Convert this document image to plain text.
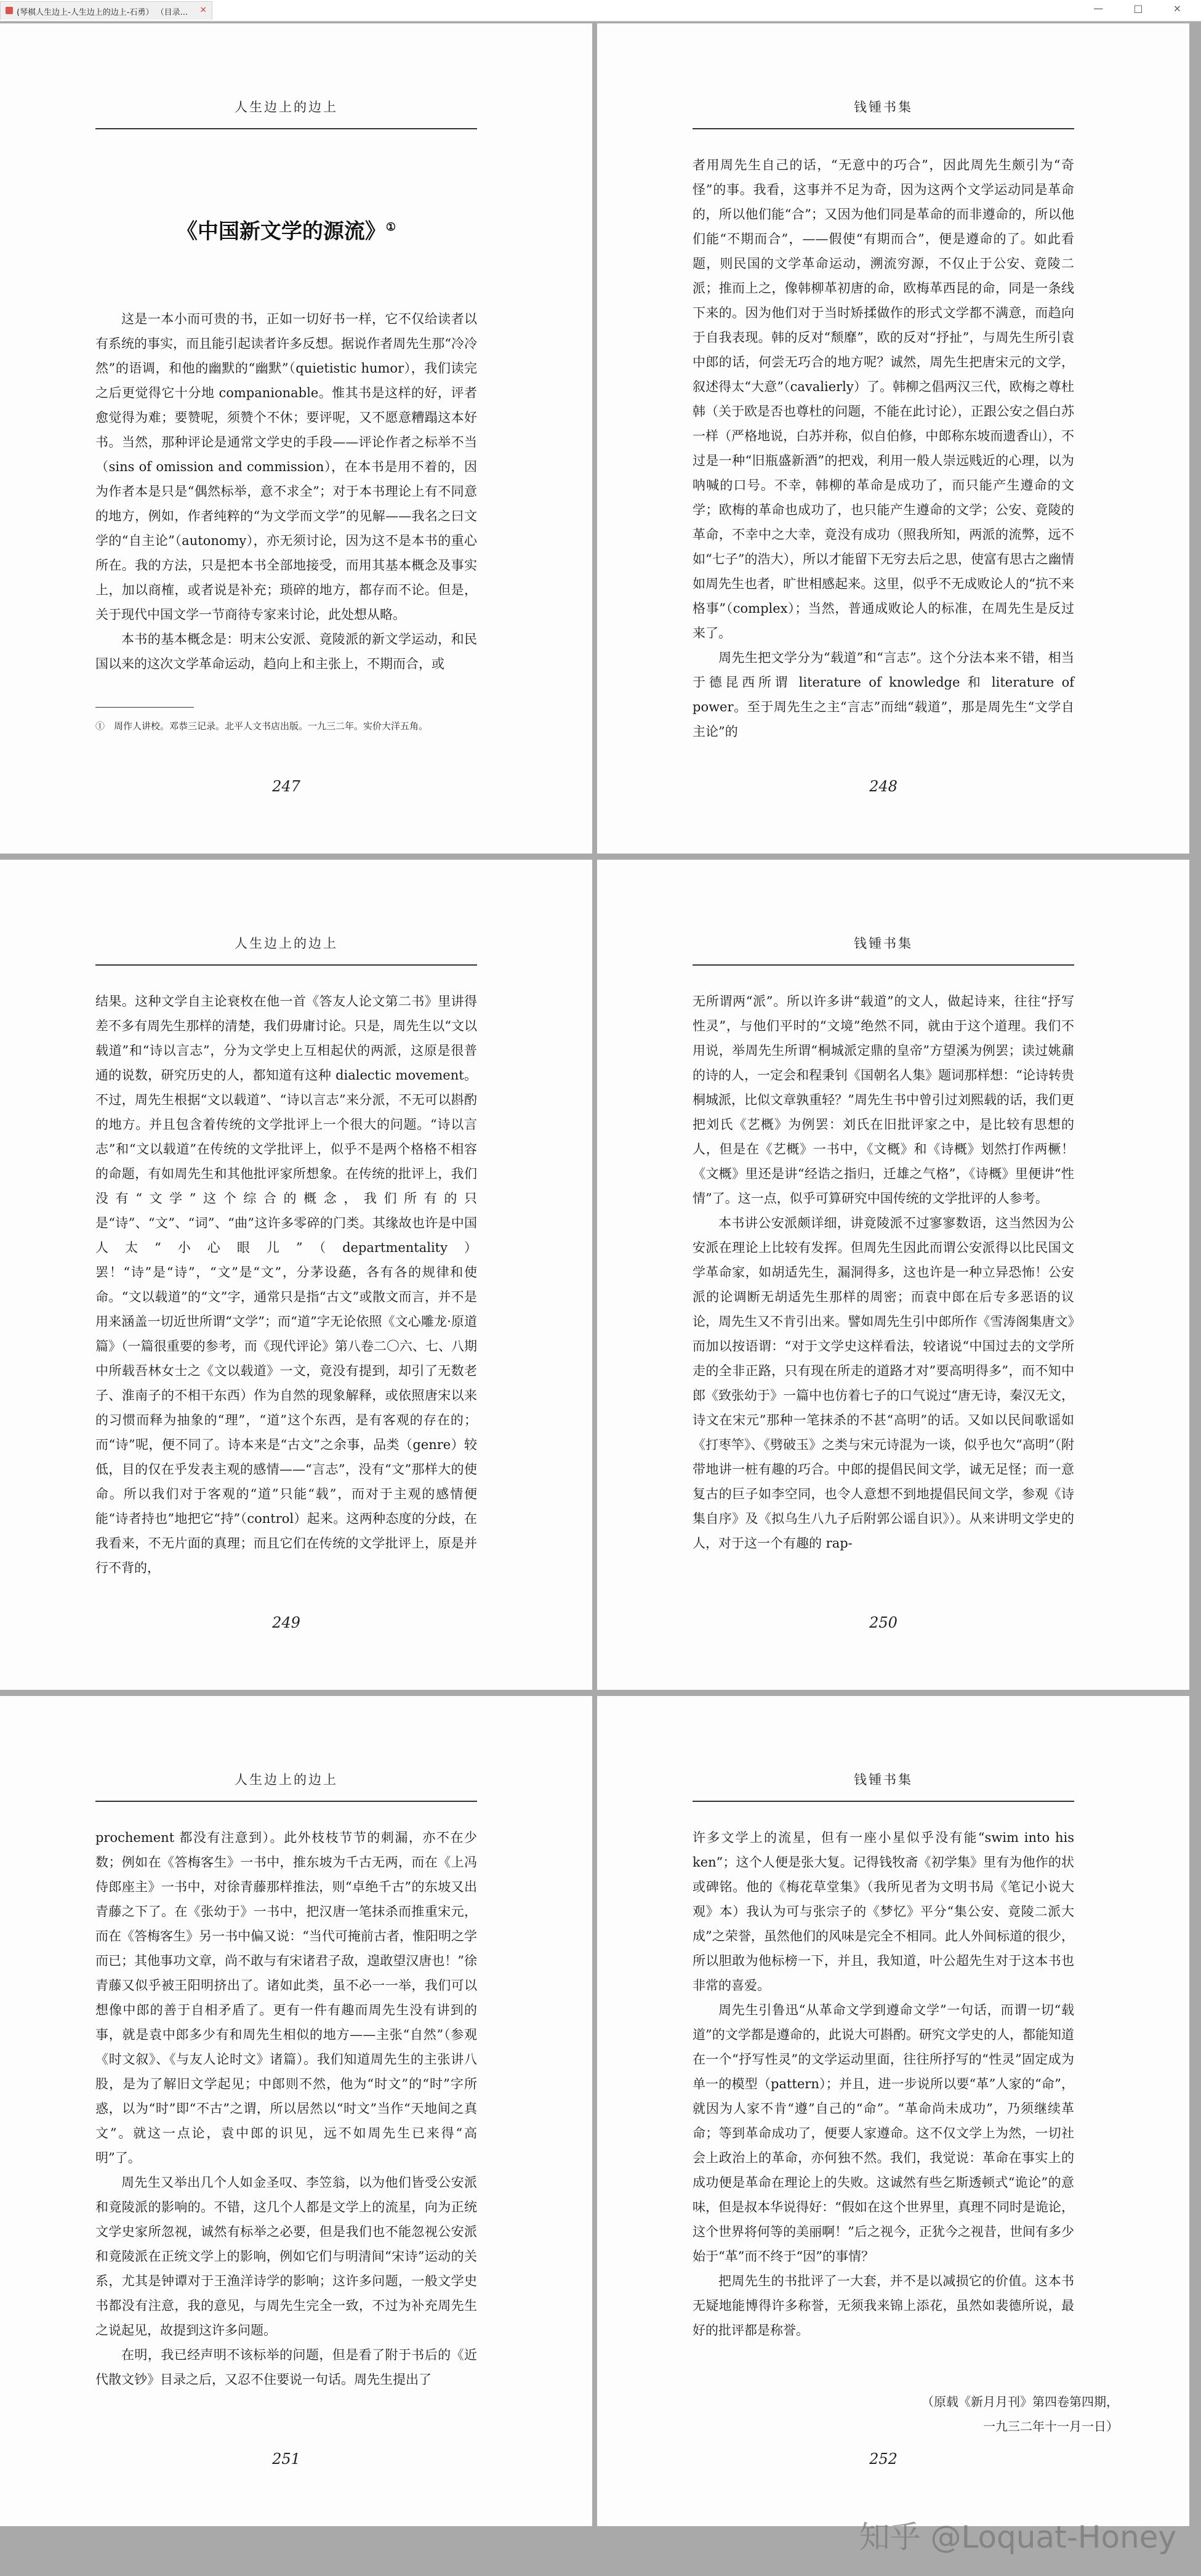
(琴棋人生边上-人生边上的边上-石勇） （目录...	×	— □ ×
人生边上的边上
《中国新文学的源流》①

这是一本小而可贵的书，正如一切好书一样，它不仅给读者以有系统的事实，而且能引起读者许多反想。据说作者周先生那“冷冷然”的语调，和他的幽默的“幽默”（quietistic humor），我们读完之后更觉得它十分地 companionable。惟其书是这样的好，评者愈觉得为难；要赞呢，须赞个不休；要评呢，又不愿意糟蹋这本好书。当然，那种评论是通常文学史的手段——评论作者之标举不当（sins of omission and commission），在本书是用不着的，因为作者本是只是“偶然标举，意不求全”；对于本书理论上有不同意的地方，例如，作者纯粹的“为文学而文学”的见解——我名之曰文学的“自主论”（autonomy），亦无须讨论，因为这不是本书的重心所在。我的方法，只是把本书全部地接受，而用其基本概念及事实上，加以商榷，或者说是补充；琐碎的地方，都存而不论。但是，关于现代中国文学一节商待专家来讨论，此处想从略。

本书的基本概念是：明末公安派、竟陵派的新文学运动，和民国以来的这次文学革命运动，趋向上和主张上，不期而合，或

①　周作人讲校。邓恭三记录。北平人文书店出版。一九三二年。实价大洋五角。
247
钱锺书集

者用周先生自己的话，“无意中的巧合”，因此周先生颇引为“奇怪”的事。我看，这事并不足为奇，因为这两个文学运动同是革命的，所以他们能“合”；又因为他们同是革命的而非遵命的，所以他们能“不期而合”，——假使“有期而合”，便是遵命的了。如此看题，则民国的文学革命运动，溯流穷源，不仅止于公安、竟陵二派；推而上之，像韩柳革初唐的命，欧梅革西昆的命，同是一条线下来的。因为他们对于当时矫揉做作的形式文学都不满意，而趋向于自我表现。韩的反对“颓靡”，欧的反对“抒扯”，与周先生所引袁中郎的话，何尝无巧合的地方呢？诚然，周先生把唐宋元的文学，叙述得太“大意”（cavalierly）了。韩柳之倡两汉三代，欧梅之尊杜韩（关于欧是否也尊杜的问题，不能在此讨论），正跟公安之倡白苏一样（严格地说，白苏并称，似自伯修，中郎称东坡而遗香山），不过是一种“旧瓶盛新酒”的把戏，利用一般人崇远贱近的心理，以为呐喊的口号。不幸，韩柳的革命是成功了，而只能产生遵命的文学；欧梅的革命也成功了，也只能产生遵命的文学；公安、竟陵的革命，不幸中之大幸，竟没有成功（照我所知，两派的流弊，远不如“七子”的浩大），所以才能留下无穷去后之思，使富有思古之幽情如周先生也者，旷世相感起来。这里，似乎不无成败论人的“抗不来格事”（complex）；当然，普通成败论人的标准，在周先生是反过来了。

周先生把文学分为“载道”和“言志”。这个分法本来不错，相当于德昆西所谓 literature of knowledge 和 literature of power。至于周先生之主“言志”而绌“载道”，那是周先生“文学自主论”的

248
人生边上的边上

结果。这种文学自主论衰枚在他一首《答友人论文第二书》里讲得差不多有周先生那样的清楚，我们毋庸讨论。只是，周先生以“文以载道”和“诗以言志”，分为文学史上互相起伏的两派，这原是很普通的说数，研究历史的人，都知道有这种 dialectic movement。不过，周先生根据“文以载道”、“诗以言志”来分派，不无可以斟酌的地方。并且包含着传统的文学批评上一个很大的问题。“诗以言志”和“文以载道”在传统的文学批评上，似乎不是两个格格不相容的命题，有如周先生和其他批评家所想象。在传统的批评上，我们没有“文学”这个综合的概念，我们所有的只是“诗”、“文”、“词”、“曲”这许多零碎的门类。其缘故也许是中国人太“小心眼儿”（departmentality）罢！“诗”是“诗”，“文”是“文”，分茅设蕝，各有各的规律和使命。“文以载道”的“文”字，通常只是指“古文”或散文而言，并不是用来涵盖一切近世所谓“文学”；而“道”字无论依照《文心雕龙·原道篇》（一篇很重要的参考，而《现代评论》第八卷二〇六、七、八期中所载吾林女士之《文以载道》一文，竟没有提到，却引了无数老子、淮南子的不相干东西）作为自然的现象解释，或依照唐宋以来的习惯而释为抽象的“理”，“道”这个东西，是有客观的存在的；而“诗”呢，便不同了。诗本来是“古文”之余事，品类（genre）较低，目的仅在乎发表主观的感情——“言志”，没有“文”那样大的使命。所以我们对于客观的“道”只能“载”，而对于主观的感情便能“诗者持也”地把它“持”（control）起来。这两种态度的分歧，在我看来，不无片面的真理；而且它们在传统的文学批评上，原是并行不背的，

249
钱锺书集

无所谓两“派”。所以许多讲“载道”的文人，做起诗来，往往“抒写性灵”，与他们平时的“文境”绝然不同，就由于这个道理。我们不用说，举周先生所谓“桐城派定鼎的皇帝”方望溪为例罢；读过姚鼐的诗的人，一定会和程秉钊《国朝名人集》题词那样想：“论诗转贵桐城派，比似文章孰重轻？”周先生书中曾引过刘熙载的话，我们更把刘氏《艺概》为例罢：刘氏在旧批评家之中，是比较有思想的人，但是在《艺概》一书中，《文概》和《诗概》划然打作两橛！《文概》里还是讲“经诰之指归，迁雄之气格”，《诗概》里便讲“性情”了。这一点，似乎可算研究中国传统的文学批评的人参考。

本书讲公安派颇详细，讲竟陵派不过寥寥数语，这当然因为公安派在理论上比较有发挥。但周先生因此而谓公安派得以比民国文学革命家，如胡适先生，漏洞得多，这也许是一种立异恐怖！公安派的论调断无胡适先生那样的周密；而袁中郎在后专多恶语的议论，周先生又不肯引出来。譬如周先生引中郎所作《雪涛阁集唐文》而加以按语谓：“对于文学史这样看法，较诸说“中国过去的文学所走的全非正路，只有现在所走的道路才对”要高明得多”，而不知中郎《致张幼于》一篇中也仿着七子的口气说过“唐无诗，秦汉无文，诗文在宋元”那种一笔抹杀的不甚“高明”的话。又如以民间歌谣如《打枣竿》、《劈破玉》之类与宋元诗混为一谈，似乎也欠“高明”（附带地讲一桩有趣的巧合。中郎的提倡民间文学，诚无足怪；而一意复古的巨子如李空同，也令人意想不到地提倡民间文学，参观《诗集自序》及《拟乌生八九子后附郭公谣自识》）。从来讲明文学史的人，对于这一个有趣的 rap-

250
人生边上的边上

prochement 都没有注意到）。此外枝枝节节的刺漏，亦不在少数；例如在《答梅客生》一书中，推东坡为千古无两，而在《上冯侍郎座主》一书中，对徐青藤那样推法，则“卓绝千古”的东坡又出青藤之下了。在《张幼于》一书中，把汉唐一笔抹杀而推重宋元，而在《答梅客生》另一书中偏又说：“当代可掩前古者，惟阳明之学而已；其他事功文章，尚不敢与有宋诸君子敌，遑敢望汉唐也！”徐青藤又似乎被王阳明挤出了。诸如此类，虽不必一一举，我们可以想像中郎的善于自相矛盾了。更有一件有趣而周先生没有讲到的事，就是袁中郎多少有和周先生相似的地方——主张“自然”（参观《时文叙》、《与友人论时文》诸篇）。我们知道周先生的主张讲八股，是为了解旧文学起见；中郎则不然，他为“时文”的“时”字所惑，以为“时”即“不古”之谓，所以居然以“时文”当作“天地间之真文”。就这一点论，袁中郎的识见，远不如周先生已来得“高明”了。

周先生又举出几个人如金圣叹、李笠翁，以为他们皆受公安派和竟陵派的影响的。不错，这几个人都是文学上的流星，向为正统文学史家所忽视，诚然有标举之必要，但是我们也不能忽视公安派和竟陵派在正统文学上的影响，例如它们与明清间“宋诗”运动的关系，尤其是钟谭对于王渔洋诗学的影响；这许多问题，一般文学史书都没有注意，我的意见，与周先生完全一致，不过为补充周先生之说起见，故提到这许多问题。

在明，我已经声明不该标举的问题，但是看了附于书后的《近代散文钞》目录之后，又忍不住要说一句话。周先生提出了

251
钱锺书集

许多文学上的流星，但有一座小星似乎没有能“swim into his ken”；这个人便是张大复。记得钱牧斋《初学集》里有为他作的状或碑铭。他的《梅花草堂集》（我所见者为文明书局《笔记小说大观》本）我认为可与张宗子的《梦忆》平分“集公安、竟陵二派大成”之荣誉，虽然他们的风味是完全不相同。此人外间标道的很少，所以胆敢为他标榜一下，并且，我知道，叶公超先生对于这本书也非常的喜爱。

周先生引鲁迅“从革命文学到遵命文学”一句话，而谓一切“载道”的文学都是遵命的，此说大可斟酌。研究文学史的人，都能知道在一个“抒写性灵”的文学运动里面，往往所抒写的“性灵”固定成为单一的模型（pattern）；并且，进一步说所以要“革”人家的“命”，就因为人家不肯“遵”自己的“命”。“革命尚未成功”，乃须继续革命；等到革命成功了，便要人家遵命。这不仅文学上为然，一切社会上政治上的革命，亦何独不然。我们，我觉说：革命在事实上的成功便是革命在理论上的失败。这诚然有些乞斯透顿式“诡论”的意味，但是叔本华说得好：“假如在这个世界里，真理不同时是诡论，这个世界将何等的美丽啊！”后之视今，正犹今之视昔，世间有多少始于“革”而不终于“因”的事情？

把周先生的书批评了一大套，并不是以减损它的价值。这本书无疑地能博得许多称誉，无须我来锦上添花，虽然如裴德所说，最好的批评都是称誉。

（原载《新月月刊》第四卷第四期，
一九三二年十一月一日）
252
知乎 @Loquat-Honey
